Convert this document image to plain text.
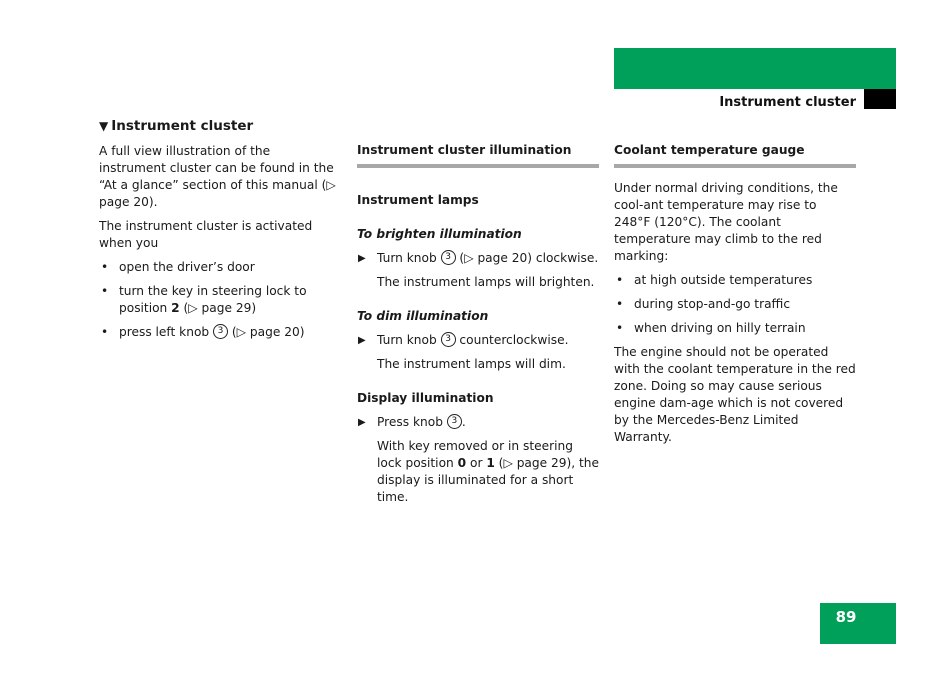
Controls in detail
Instrument cluster
▼ Instrument cluster

A full view illustration of the instrument cluster can be found in the “At a glance” section of this manual (▷ page 20).

The instrument cluster is activated when you

• open the driver’s door
• turn the key in steering lock to position 2 (▷ page 29)
• press left knob 3 (▷ page 20)
Instrument cluster illumination

Instrument lamps

To brighten illumination

▶ Turn knob 3 (▷ page 20) clockwise.

The instrument lamps will brighten.

To dim illumination

▶ Turn knob 3 counterclockwise.

The instrument lamps will dim.

Display illumination

▶ Press knob 3 .

With key removed or in steering lock position 0 or 1 (▷ page 29), the display is illuminated for a short time.

Coolant temperature gauge

Under normal driving conditions, the cool-ant temperature may rise to 248°F (120°C). The coolant temperature may climb to the red marking:

• at high outside temperatures
• during stop-and-go traffic
• when driving on hilly terrain

The engine should not be operated with the coolant temperature in the red zone. Doing so may cause serious engine dam-age which is not covered by the Mercedes-Benz Limited Warranty.

89
